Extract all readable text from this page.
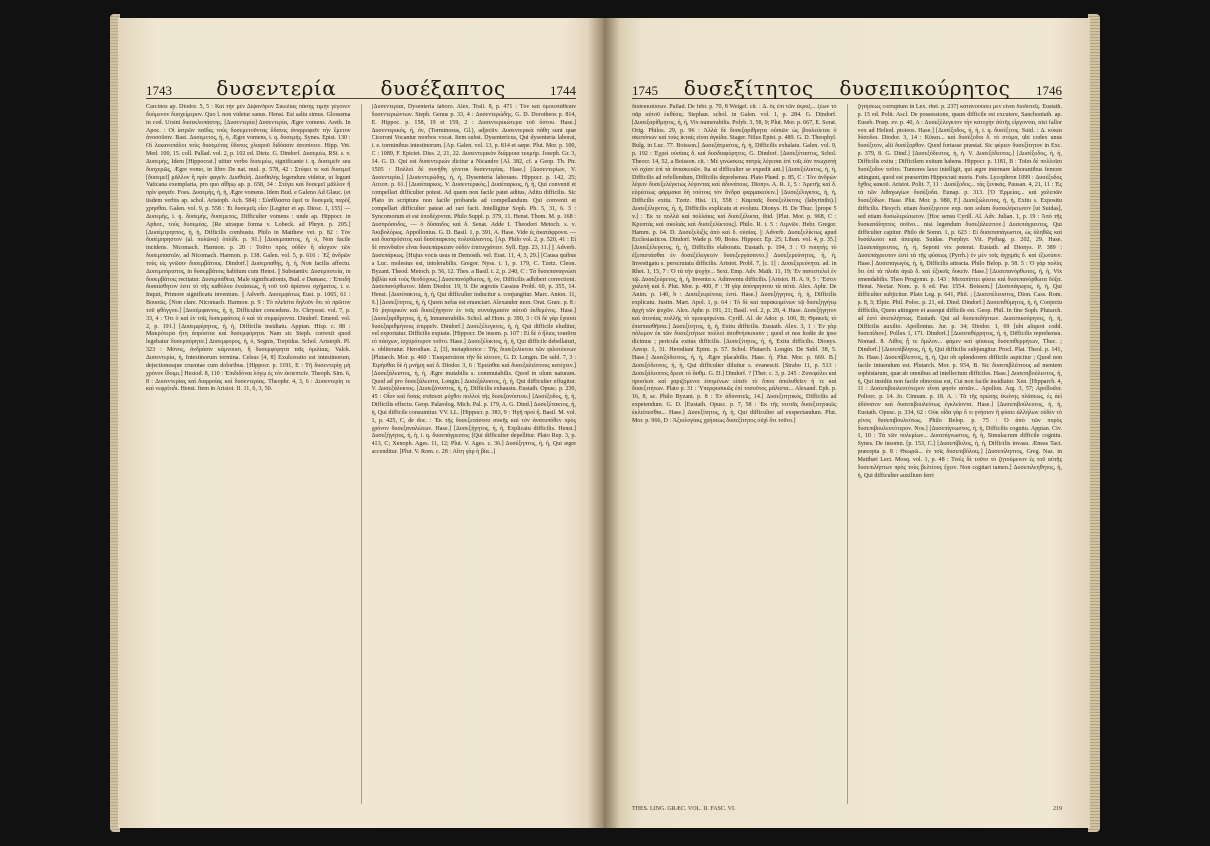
1743 δυσεντερία δυσέξαπτος	1744

Carcinos ap. Diodor. 5, 5 : Καὶ τὴν μὲν Δίψανδρον Σικελίας πάσης τιμὴν γέγονεν δυόμενον δυσχείμερον. Quo l. non videtur sanus. Henst. Est saltu simus. Glossema in cod. Ursini δυσεκλοπάστης. [Δυσεντερία] Δυσεντερία, Ægre vomens. Areth. In Apoc. : Οἱ ἰατρῶν παῖδες τοὺς δυσεμετοῦντας ὕδατος ἀναρροφεῖν τὴν ἔμετον ἀνοσοῦσιν. Bast. Δυσεμετος, ἡ, ὁ, Ægre vomens, i. q. δυσεμής. Synes. Epist. 130 : Οἱ λεκανοπάλοι τοὺς δυσεμέτας ὕδατος χλιαροῦ διδόασιν ἀποπίνειν. Hipp. Vet. Med. 100, 15. coll. Pallad. vol. 2, p. 102 ed. Dietz. G. Dindorf. Δυσεμέω, RSt. s. v. Δυσεμής, Idem [Hippocrat.] utitur verbo δυσεμέω, significante i. q. δυσεμεῖν seu δυσχερῶς, Ægre vomo, in libro De nat. mul. p. 578, 42 : Στύφει τε καὶ δυσεμεῖ [δυσεμεῖ] μᾶλλον ἢ πρὶν φαγεῖν. Δυσθαλή. Δυσθαλής legendum videtur, ut legunt Vaticana exemplaria, pro quo αἴθρῳ ap. p. 658, 34 : Στέγει καὶ δυσεμεῖ μᾶλλον ἢ πρὶν φαγεῖν. Foes. Δυσεμής, ἡ, ἡ, Ægre vomens. Idem Bud. e Galeno Ad Glauc. (et iisdem verbis ap. schol. Aristoph. Ach. 584) : Σύσθλαστα ἐφεῖ τε δυσεμεῖς παρὸξ χρησθαι. Galen. vol. 9, p. 558 : Ἐι δυσεμεῖς εἶεν [Legitur et ap. Diosc. 1, 155] — Δυσεμής, i. q. δυσεμής, δυσεμετος, Difficulter vomens : unde ap. Hippocr. in Aphor., τοὺς δυσεμέας. [Re utraque forma v. Lobeck. ad Phryn. p. 205.] [Δυσέμτρηπτος, ἡ, ἡ, Difficilis combustu. Philo in Matthew vet. p. 82 : Τὸν δυσέμπρηστον (al. πυλῶνα) ὁπλίδι. p. 91.] [Δυσεμπαστος, ἡ, ὁ, Non facile incidens. Nicomach. Harmon. p. 20 : Τοῦτο πρὸς οὐδὲν ἢ αἴσχιον τῶν δυσεμπαστῶν. ad Nicomach. Harmon. p. 138. Galen. vol. 5, p. 616 : ᾿Εξ ἀνδρῶν τοὺς εἰς γνῶσιν δυσεμβάτους. Dindorf.] Δυσεμπαθής, ἡ, ἡ, Non facilis affectu. Δυσεμπόριστος, in δυσεμβάτοις habitum cum Henst. || Substantiv. Δυσεμποτεία, in δυσεμβάτοις recitatur. Δυσεμπάθεια, Male significationis, Bud. e Damasc. : Ἐπειδὴ δυσαίσθητον ἐστι τὸ τῆς καθόλου ἐνεάσεως, ἢ τοῦ τοῦ ἀρίστου σχήματος. i. e. Inquit, Primore significatu inventum. || Adverb. Δυσεμφάτως Eust. p. 1065, 61 : Βουσῶς. [Non clare. Nicomach. Harmon. p. 9 : Τὸ πλεῖστα δηλοῦν ὅτι τὸ πρῶτον τοῦ φθόγγου.] [Δυσέμφαντος, ἡ, ἡ, Difficulter concedens. Jo. Chrysost. vol. 7, p. 33, 4 : Ὅτι ὁ καὶ ἐν τοῖς δυσεμφάτοις ὁ καὶ τὰ συμφέροντα. Dindorf. Emend. vol. 2, p. 191.] [Δυσεμφέρητος, ἡ, ἡ, Difficilis insidiatu. Appian. Hisp. c. 88 : Μακρότερα ἤτη ἀπρόσιτα καὶ δυσεμφόρητα. Nam sic Steph. correxit quod legebatur δυσεμπόρητα.] Δυσεμφορος, ἡ, ὁ, Segnis, Torpidus. Schol. Aristoph. Pl. 323 : Μόνος, ἀνδράσιν κάμνουσι, ἢ δυσεμφόρητα ταῖς ὁμιλίαις. Valck. Δυσεντερία, ἡ, Intestinorum tormina. Celsus [4, 8] Exulceratio est intestinorum, dejectionesque cruentae cum doloribus. [Hippocr. p. 1191, E : Τῆ δυσεντερίῃ μὴ χρόνον ἴδοιμι.] Hesiod. 8, 110 : Ἐπιδιδόναι λόγῳ ἐς τὸν ἐκπεπτεῖν. Theoph. Sim. 6, 8 : Δυσεντερίας καὶ διαρροίας καὶ δυσεντερίας. Theophr. 4, 3, 6 : Δυσεντερίη τε καὶ νεφρίτιδι. Henst. Item in Aristot. II. 11, 6, 3, 50.

[Δυσεντερίαι, Dysenteria laboro. Alex. Trall. 8, p. 471 : Τὸν καὶ ὁμοιοπάθειαν δυσεντεριώντων. Steph. Genus p. 33, 4 : Δυσεντερώδης. G. D. Dorotheos p. 814, E. Hippoc. p. 158, 19 et 159, 2 : Δυσεντερικώτερα τοῦ ὕστου. Hase.] Δυσεντερικός, ἡ, ὁν, (Torminosus, Gl.), adjectiv. Δυσεντερικὰ πάθη sunt quæ Ciceroni Vocantur morbos vocat. Item subst. Dysentericus, Qui dysenteria laborat, i. e. torminibus intestinorum. [Ap. Galen. vol. 13, p. 814 et sæpe. Plut. Mor. p. 100, C : 1089, F. Epictet. Diss. 2, 21, 22. Δυσεντερικὸν διάρροια τεκμήρ. Joseph. Gr. 3, 14. G. D. Qui est δυσεντεριών dicitur a Nicandro [Al. 382, cf. a Geop. Th. Ptr. 1505 : Πολλοὶ δὲ συνήθη γίνεται δυσεντερίας. Hase.] [Δυσεντερίων, V. Δυσεντερία.] [Δυσεντερώδης, ἡ, ἡ, Dysenteria laborans. Hippocr. p. 142, 25; Αιτιοπ. p. 61.] [Δυσέπαρκος. V. Δυσεντερικὸς.] Δυσέπαρκος, ἡ, ἡ, Qui convenit et compellari difficulter potest. Ad quem non facile patet aditus, Aditu difficilis. Sic Plato in scriptura non facile probanda ad compellandum. Qui convenit et compellari difficulter pateat ad rari facit. Intelligitur Soph. Ph. 5, 31, 6. 3 : Syncomorum et est ὑποδέχονται. Philo Suppl. p. 379, 11. Henst. Thom. M. p. 168 : Δυσπρόσοδος, — ὁ δύσαιδος καὶ δ. Senat. Adde I. Theodori Metoch. s. v. Ἀκιβολόρως. Appollonius. G. D. Basil. 1, p. 391, A. Hase. Vide ἐς ἀκατάφρονα. — καὶ δυσπρόσιτος καὶ δυσέπαρκτος πολυτάλαντος. [Ap. Philo vol. 2, p. 520, 41 : Εἰ δὲ σπονδαῖον εἶναι δυσεπάρκειαν οὐδὲν ἐπιτυγχάνειν. Syll. Epp. 23, 11.] || Adverb. Δυσεπάρκως. [Hujus vocis usus in Demosth. vel. Eust. 11, 4, 3, 29.] [Causa quibus a Luc. molestus est, intolerabilis. Gregor. Nyss. t. 1, p. 179, C. Tzetz. Cleon. Byzant. Theod. Metoch. p. 56, 12. Thes. a Basil. t. 2, p. 240, C : Τὰ δυσεπαναγνώσι βιβλία καὶ τοὺς θεοδόχους.] Δυσεπανόρθωτος, ἡ, ὁν, Difficilis adhiberi correctioni. Δυσεπανόρθωτον. Idem Diodor. 19, 9. De ægrotis Cassius Probl. 60, p. 355, 14. Henst. [Δυσέπακτος, ἡ, ἡ, Qui difficulter inducitur s. conjungitur. Marc. Anton. 11, 9.] [Δυσεξίτητος, ἡ, ἡ, Quem nefas est enunciari. Alexander mon. Orat. Græc. p. 8 : Τὸ ῥητορικὸν καὶ δυσεξήγητον ἐν τοῖς συντάγμασιν αὐτοῦ ἐκθεμένος. Hase.] [Δυσεξαρίθμητος, ἡ, ἡ, Innumerabilis. Schol. ad Hom. p. 390, 3 : Οἱ δὲ γὰρ ἔχουσι δυσεξαριθμήτους ἐπιρρεῖν. Dindorf.] Δυσεξέλεγκτος, ἡ, ἡ, Qui difficile eluditur, vel exportatur. Difficilis expiatu. [Hippocr. De insom. p. 107 : Εἰ δὲ ὁ ἥλιος τοιαῦτα τὸ πάσχων, ἰσχυρότερον τοῦτο. Hase.] Δυσεξέλικτος, ἡ, ἡ, Qui difficile debellaturi, s. obliteratur. Herodian. 2, [3], metaphorice : Τῆς δυσεξελίκτου τῶν φιλοτέκνων [Plutarch. Mor. p. 460 : Ἐκαριστάσαι τῆν δὲ κίνουν, G. D. Longin. De subl. 7, 3 : Ἐιρήσθαι δὲ ἡ μνήμη καὶ δ. Diodor. 3, 6 : Ἐρείσθαι καὶ δυσεξαλείπτους κατέχειν.] [Δυσεξάλειπτος, ἡ, ἡ, Ægre mutabilis s. commutabilis. Quod in ulum naturam. Quod ad pro δυσεξάλειπτα, Longin.] Δυσεξάλυκτος, ἡ, ἡ, Qui difficulter effugitur. V. Δυσεξάλυκτος. [Δυσεξάνυστος, ἡ, ἡ, Difficilis exhaustu. Eustath. Opusc. p. 230, 45 : Οἷον καὶ ὅσαις στᾶσεσι μόχθοι πολλοὶ τῆς δυσεξανύστου.] [Δυσέξοδος, ἡ, ἡ, Difficilis effectu. Geop. Palæolog. Mich. Pal. p. 179, A. G. Dind.] Δυσεξέτακτος, ἡ, ἡ, Qui difficile consumitur. VV. LL. [Hippocr. p. 383, 9 : Ἡγῆ προὶ ἢ. Basil. M. vol. 1, p. 425, C, de doc. : Ἐκ τῆς δυσεξετάστου συκῆς καὶ τὸν ἀνατυπόθεν πρὸς χρόνον δυσεξαναλώτων. Hase.] [Δυσεξήγητος, ἡ, ἡ, Explicatu difficilis. Henst.] Δυσεξήγητος, ἡ, ἡ, i. q. δυσεπάγρευτος [Qui difficulter depellitur. Plato Rep. 3, p. 413, C; Xenoph. Ages. 11, 12; Plut. V. Ages. c. 36.] Δυσέξηπτος, ἡ, ἡ, Qui ægre accenditur. [Plut. V. Rom. c. 28 : Αἴτη γὰρ ἡ βία...]

1745 δυσεξίτητος δυσεπικούρητος 1746

δυσεκκαύσων. Pallad. De febr. p. 70, 8 Weigel. cit. : Δ. ὅς ἐπὶ τῶν ἐκρυξ... ξέων τὸ πᾶρ αὐτοῦ ἐκθέσις. Stephan. schol. in Galen. vol. 1, p. 284. G. Dindorf. [Δυσεξαρίθμητος, ἡ, ἡ, Vix numerabilis. Polyb. 3, 58, 9; Plut. Mor. p. 667, E. Sorat. Orig. Philos. 29, p. 96 : Ἀλλὰ δὲ δυσεξαρίθμητα οὐσιῶν ὡς βουλεύεται ὁ σκεπόπων καὶ τοὺς ἰκταὶς εἰναι ἀγκίδα. Stager. Nilus Epist. p. 489. G. D. Theophyl. Bulg. in Luc. 77. Boisson.] Δυσεξάτμιστος, ἡ, ἡ, Difficilis exhalatu. Galen. vol. 9, p. 192 : Ἐχρεὶ οὐσίαις δ. καὶ δυσδιαφόρητος. G. Dindorf. [Δυσεξέταστος, Schol. Theocr. 14, 52, a Boisson. cit. : Μὲ γινώσκεις πατρίς λέγεσαι ἐπί τοῖς ἐὰν πτωχιστὴ νὸ σχίαν ἐπὶ τὰ ἀνασκευῶν. Ita ut difficulter se expedit ant.] [Δυσεξέλικτος, ἡ, ἡ, Difficilis ad refellendum, Difficilis deprehensu. Plato Phæd. p. 85, C : Τὸν ἀνδρών λέγειν δυσεξελέγκτως λέγοντας καὶ ἀδυνάτους. Dionys. A. R. 1, 5 : Ἀρετῆς καὶ δ. εὑρέσεως φάρμακα δὴ τούτοις τὸν ἄνδρα φαρμακεύειν.] [Δυσεξέλιγκτος, ἡ, ἡ, Difficilis exitu. Tzetz. Hist. 11, 558 : Καμπαῖς δυσεξελίκτοις (labyrinthi).] Δυσεξέλιγκτος, ἡ, ἡ, Difficilis explicatu et evolutu. Dionys. H. De Thuc. [prope 5 v.] : Ἐκ τε πολλὰ καὶ πολλάκις καὶ δυσεξέλικτα, ibid. [Plut. Mor. p. 968, C : Κρυπτὰς καὶ σκολιὰς καὶ δυσεξελίκτους]. Philo. R. i. 5 : Λιμνῶν. Hebr. Gregor. Hamm. p. 64. D. Δυσεξελιξίς ἀπὸ καὶ δ. οὐσίας. || Adverb. Δυσεξελίκτως apud Ecclesiasticos. Dindorf. Wade p. 99, Boiss. Hippocr. Ep. 25; Liban. vol. 4, p. 35.] [Δυσεξέλεγκτος, ἡ, ἡ, Difficilis elaboratu. Eustath. p. 194, 3 : Ὁ ποιητὴς τὸ ἐξεπιστάσθαι ἐν δυσεξέλεγκτον δυσεξεργάσαντο.] Δυσεξερεύνητος, ἡ, ἡ, Investigatu s. perscrutatu difficilis. Aristot. Probl. 7, [c. 1] : Δυσεξερεύνητα. ad. in Rhet. 1, 15, 7 : Ὁ τὰ τὴν ψυχὴν... Sext. Emp. Adv. Math. 11, 19; Ἐν πανεστελεὶ ἐν τῷ. Δυσεξεύρετος, ἡ, ἡ, Inventu s. Adinventu difficilis. [Aristot. H. A. 9, 5 : Ἔστιν χαλεπὴ καὶ δ. Plut. Mor. p. 400, F : Ἡ γὰρ ἀπόπρηπτου τὰ αὐτά. Alex. Aphr. De Anim. p. 140, b : Δυσεξευρέτους ἐστί. Hase.] Δυσεξήγητος, ἡ, ἡ, Difficilis explicatu. Justin. Mart. Apol. 1, p. 64 : Τὸ δὲ καὶ παρακειμένων τῷ δυσεξηγήτῳ ἀρχὴ τῶν ψυχῶν. Alex. Aphr. p. 191, 21; Basil. vol. 2, p. 20, 4. Hase. Δυσεξήγητον καὶ ἀτοπίας πολλῆς τὸ προειρηκέναι. Cyrill. Al. de Ador. p. 100, B; Θρακεῖς τὸ ἐπισπασθῆσαι.] Δυσεξίτητος, ἡ, ἡ, Exitu difficilis. Eustath. Alex. 3, 1 : Ἐν γὰρ πόλεμον ἐκ τῶν δυσεξιτήτων πολλοὶ ἀποθνήσκουσιν ; quod et nos hodie de ipso dicimus ; pericula exitus difficilis. [Δυσεξίτητος, ἡ, ἡ, Exitu difficilis. Dionys. Areop. 1, 31. Herodiani Epim. p. 57. Schol. Plutarch. Longin. De Subl. 38, 5. Hase.] Δυσεξόδευτος, ἡ, ἡ, Ægre placabilis. Hase. ἢ. Plut. Mor. p. 669. B.] Δυσεξόδευτος, ἡ, ἡ, Qui difficulter diluitur s. evanescit. [Strabo 11, p. 513 : Δυσεξάλειπτος δρεσι τὸ ἄσθμ. G. D.] Dindorf. ? [Ther. c. 3, p. 245 : Ζυνεφέλει καὶ προσίεσι καὶ χαριζόμενοι ἐσομένων εἰπεῖν τὸ ὅπου ἀπολυθεῖεν ἡ τε καὶ δυσεξιτήτων. Plato p. 31 : Ὑπερφυσικῶς ἐπὶ τοσοῦτος μάλιστα... Alexand. Eph. p. 16, 8, ac. Philo Byzant. p. 8 : Ἐν ἀδυνατεῖς, 14.] Δυσεξιτητικός, Difficilis ad expetendum. G. D. [Eustath. Opusc. p. 7, 58 : Ἐκ τῆς νευτᾶς δυσεξιτητικῶς ἐκλείπεσθαι... Hase.] Δυσεξίτητος, ἡ, ἡ, Qui difficulter ad exspectandum. Plut. Mor. p. 966, D : Ἀξιολογίαις χρήσεως δυσεξίτητος οὐχὶ ὅτι τοῦτο.]

ζητήσεως corruptum in Lex. rhet. p. 237] κατανοούσει μεν εἶναι διοδοτεῖς. Eustath. p. 15 ed. Polit. Ascl. De possessione, quam difficile est excutere, Sanchoniath. ap. Euseb. Præp. ev. p. 40, A : Δυσεξέλεγκτον τὴν κατοχὴν ἀὐτῆς εἴργονται, nisi fallor vox ad Heliod. ptoieos. Hase.] [Δυσέξοδος, ἡ, ἡ, i. q. δυσέξιτος. Suid. : Δ. κύκαι δύσοδοι. Diodor. 3, 14 : Κύκαι... καὶ δυσέξοδοι δ. τὸ στόμα, ubi codex unus δυσέξιτον, alii δυσέξορθον. Quod fortasse præstat. Sic φέρειν δυσεξίτητον in Exc. p. 379, 8. G. Dind.] [Δυσεξόδευτος, ἡ, ἡ. V. Δυσεξόδευτος.] [Δυσέξοδος, ἡ, ἡ, Difficilis exitu ; Difficilem exitum habens. Hippocr. p. 1181, B : Τοῖσι δὲ πολλοῖσι δυσέξοδον τοῦτο. Tumores laxo intelligit, qui ægre internare laborantibus femore attingunt, quod est præsertim Hippocrati moris. Foës. Lycophron 1099 : Δυσέξοδος ὄχθος κακοῦ. Aristot. Polit. 7, 11 : Δυσέξοδος... τὰς ξενικάς. Pausan. 4, 21, 11 : Ἐς τὰ τῶν λιθαγωγίων δυσέξοδα. Eunap. p. 313. [Ὁ Ἐρμείας... καὶ χαλεπῶν δυσεξόδων. Hase. Plut. Mor. p. 980, F.] Δυσεξώλευτος, ἡ, ἡ, Exitu s. Expositu difficilis. Hesych. etiam δυσέξιγυτον exp. non solum δυσεκλήκτωτον [ut Suidas], sed etiam δυσωλερώτωτον. [Hoc sensu Cyrill. Al. Adv. Julian. 1, p. 19 : Ἀπὸ τῆς δυσκατάληπτος σοῦνο... nisi legendum δυσεξάλειπτον.] Δυσεπάγρευτος, Qui difficulter capitur. Philo de Somn. 1, p. 623 : Εἰ δυσεπαπάγωστοι, ὡς ἀληθῶς καὶ δυσάλωτοι καὶ ἀπειρίᾳ. Suidas. Porphyr. Vit. Pythag. p. 202, 29. Hase. [Δυσεπάγρευτος, ἡ, ἡ, Seponi vix poterat. Eustath. ad Dionys. P. 389 : Δυσεπάγρευτον ἐστὶ τὰ τῆς φύσεως (Pyrrh.) ἐν μὲν τοῖς ἀγχιμᾶς δ. καὶ ἐξωτίσεν. Hase.] Δυσεπαγωγὸς, ἡ, ἡ, Difficilis attracta. Philo Belop. p. 58. 5 : Ὁ γὰρ πολὺς ὅτι ἐπὶ τὰ πλοῖα ἀγιῶ δ. καὶ ἐξικοῖς δοκεῖν. Hase.] [Δυσεπανόρθωτος, ἡ, ἡ, Vix emendabilis. Theo Progymn. p. 143 : Μεταπίπτει φύσει καὶ δυσεπανόρθωτα δόξα. Henst. Nectar. Nom. p. 6 ed. Par. 1554. Boisson.] [Δυσεπάγωγος, ἡ, ἡ, Qui difficulter subjicitur. Plato Leg. p. 641, Phil. ; [Δυσεπέλευστος, Dion. Cass. Rom. p. 8, 3; Elpiz. Phil. Poloc. p. 21, ed. Dind. Dindorf.] Δυσεπιθύμητος, ἡ, ἡ, Conjectu difficilis, Quem attingere et assequi difficile est. Geop. Phil. In fine Soph. Plutarch. ad ἐστὶ ἀνεπιλήπτως. Eustath. Qui ad δυσεπεδήπτων. Δυσεπικούρητος, ἡ, ἡ, Difficilis auxilio. Apollonius. Jur. p. 34; Diodor. 1, 69 [ubi aliquot codd. δυσεπίδιον]. Pollux 1, 171. Dindorf.] [Δυσεπιθέρρητος, ἡ, ἡ, Difficilis reprehensu. Nomad. 8. Λίθος ᾗ τε ὅμιλον... φάμεν καὶ φύσεως δυσεπιθερρήτων, Thuc. ; Dindorf.] [Δυσεπίβλητος, ἡ, ἡ, Qui difficilis subjungitur. Procl. Plat. Theol. p. 141, Jn. Hase.] Δυσεπίβλεπτος, ἡ, ἡ, Qui ob splendorem difficile aspicitur ; Quod non facile intuendum est. Plutarch. Mor. p. 934, B. Sic δυσεπιβλέπτους ad mentem sophistarum, quæ ab omnibus ad intellectum difficiles. Hase.] Δυσεπιβούλευτος, ἡ, ἡ, Qui insidiis non facile obnoxius est, Cui non facile insidiatur. Xen. [Hipparch. 4, 11 : Δυσεπιβουλευτότερον εἶναι φησὶν αὐτῶν... Apollon. Arg. 3, 57; Apollodor. Poliorc. p. 14. Jo. Cinnam. p. 18. A. : Τὰ τῆς πρώτης ἐκείνης πλάσεως, ἐς ἀεὶ ἀδύνατον καὶ δυσεπιβουλεύτως ἐγκλείοντα. Hase.] [Δυσεπιβούλευτος, ἡ, ἡ, Eustath. Opusc. p. 334, 62 : Οὐκ οἶδα γὰρ ὅ τι γνήσιον ἢ φύσει ἀλλήλων οὐδὲν τὸ γένος δυσεπιβουλεύτως. Philo Belop. p. 75 : Ὁ ἀπὸ τῶν πυρὸς δυσεπιβουλευτότερον. Nos.] [Δυσεπίγνωστος, ἡ, ἡ, Difficilis cognitu. Appian. Civ. 1, 10 : Τὰ τῶν πολεμίων... Δυσεπίγνωστος, ἡ, ἡ, Simulacrum difficile cognitu. Synes. De insomn. [p. 153, C.] [Δυσεπίβολος, ἡ, ἡ, Difficilis invasu. Æneas Tact. præcepta p. 8 : Θεωρῶ... ἐν τοῖς δυσεπιβόλοις.] [Δυσεπίληπτος, Greg. Naz. in Matthæi Lect. Mosq. vol. 1, p. 48 : Τινὲς δὲ τοῦτο τὸ ζητούμενον ἐς τοῦ αὐτῆς δυσεπιλήπτων πρὸς τοὺς βελτίους ἔχειν. Non cogitari tamen.] Δυσεπιλεηθητος, ἡ, ἡ, Qui difficulter auxilium ferri

THES. LING. GRÆC. VOL. II. FASC. VI.	219
